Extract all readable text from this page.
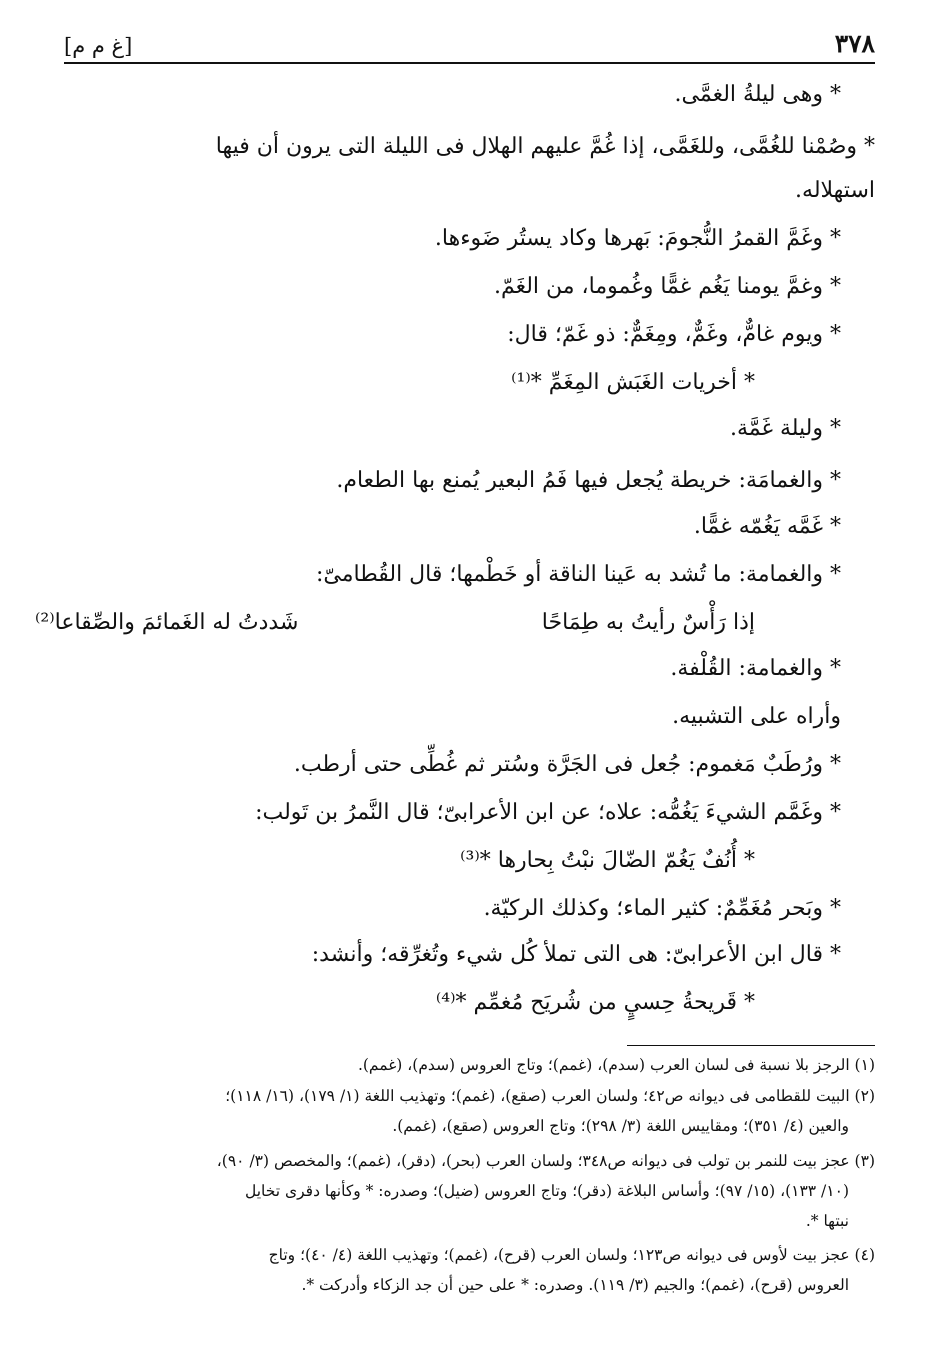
[غ م م]	٣٧٨
* وهى ليلةُ الغمَّى.
* وصُمْنا للغُمَّى، وللغَمَّى، إذا غُمَّ عليهم الهلال فى الليلة التى يرون أن فيها
استهلاله.
* وغَمَّ القمرُ النُّجومَ: بَهرها وكاد يستُر ضَوءها.
* وغمَّ يومنا يَغُم غمًّا وغُموما، من الغَمّ.
* ويوم غامٌّ، وغَمٌّ، ومِغَمٌّ: ذو غَمّ؛ قال:
* أخريات الغَبَش المِغَمِّ *⁽¹⁾
* وليلة غَمَّة.
* والغمامَة: خريطة يُجعل فيها فَمُ البعير يُمنع بها الطعام.
* غَمَّه يَغُمّه غمًّا.
* والغمامة: ما تُشد به عَينا الناقة أو خَطْمها؛ قال القُطامىّ:
إذا رَأْسٌ رأيتُ به طِمَاحًا
شَددتُ له الغَمائمَ والصِّقاعا⁽²⁾
* والغمامة: القُلْفة.
وأراه على التشبيه.
* ورُطَبٌ مَغموم: جُعل فى الجَرَّة وسُتر ثم غُطِّى حتى أرطب.
* وغَمَّم الشيءَ يَغُمُّه: علاه؛ عن ابن الأعرابىّ؛ قال النَّمرُ بن تَولب:
* أُنُفٌ يَغُمّ الضّالَ نبْتُ بِحارها *⁽³⁾
* وبَحر مُغَمِّمٌ: كثير الماء؛ وكذلك الركيّة.
* قال ابن الأعرابىّ: هى التى تملأ كُل شيء وتُغرِّقه؛ وأنشد:
* قَريحةُ حِسيٍ من شُريَح مُغمِّم *⁽⁴⁾
(١) الرجز بلا نسبة فى لسان العرب (سدم)، (غمم)؛ وتاج العروس (سدم)، (غمم).
(٢) البيت للقطامى فى ديوانه ص٤٢؛ ولسان العرب (صقع)، (غمم)؛ وتهذيب اللغة (١/ ١٧٩)، (١٦/ ١١٨)؛
والعين (٤/ ٣٥١)؛ ومقاييس اللغة (٣/ ٢٩٨)؛ وتاج العروس (صقع)، (غمم).
(٣) عجز بيت للنمر بن تولب فى ديوانه ص٣٤٨؛ ولسان العرب (بحر)، (دقر)، (غمم)؛ والمخصص (٣/ ٩٠)،
(١٠/ ١٣٣)، (١٥/ ٩٧)؛ وأساس البلاغة (دقر)؛ وتاج العروس (ضيل)؛ وصدره: * وكأنها دقرى تخايل
نبتها *.
(٤) عجز بيت لأوس فى ديوانه ص١٢٣؛ ولسان العرب (قرح)، (غمم)؛ وتهذيب اللغة (٤/ ٤٠)؛ وتاج
العروس (قرح)، (غمم)؛ والجيم (٣/ ١١٩). وصدره: * على حين أن جد الزكاء وأدركت *.
